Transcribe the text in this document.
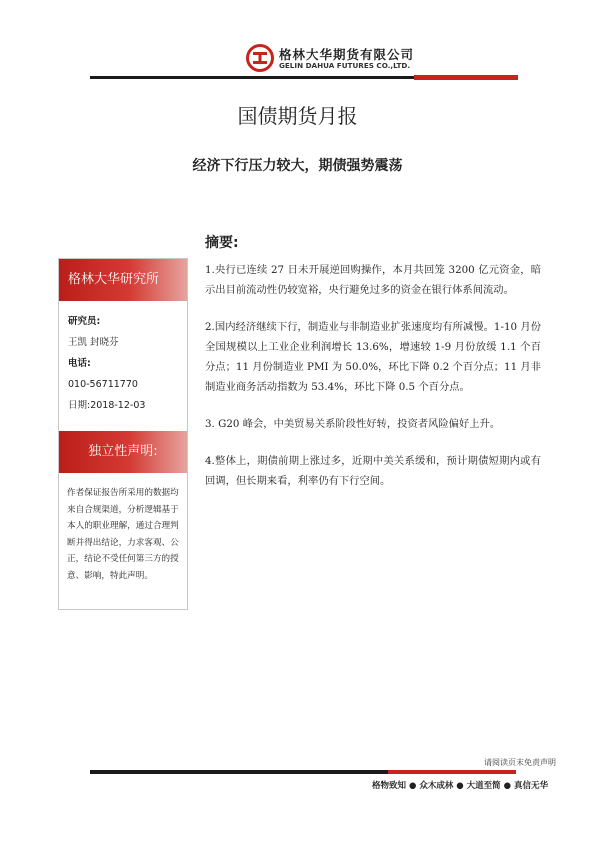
格林大华期货有限公司
GELIN DAHUA FUTURES CO.,LTD.
国债期货月报
经济下行压力较大，期债强势震荡
格林大华研究所
研究员:
王凯 封晓芬
电话:
010-56711770
日期:2018-12-03
独立性声明:
作者保证报告所采用的数据均来自合规渠道，分析逻辑基于本人的职业理解，通过合理判断并得出结论，力求客观、公正，结论不受任何第三方的授意、影响，特此声明。
摘要:

1.央行已连续 27 日未开展逆回购操作，本月共回笼 3200 亿元资金，暗示出目前流动性仍较宽裕，央行避免过多的资金在银行体系间流动。

2.国内经济继续下行，制造业与非制造业扩张速度均有所减慢。1-10 月份全国规模以上工业企业利润增长 13.6%，增速较 1-9 月份放缓 1.1 个百分点；11 月份制造业 PMI 为 50.0%，环比下降 0.2 个百分点；11 月非制造业商务活动指数为 53.4%，环比下降 0.5 个百分点。

3. G20 峰会，中美贸易关系阶段性好转，投资者风险偏好上升。

4.整体上，期债前期上涨过多，近期中美关系缓和，预计期债短期内或有回调，但长期来看，利率仍有下行空间。

请阅读页末免责声明
格物致知 ● 众木成林 ● 大道至简 ● 真信无华
